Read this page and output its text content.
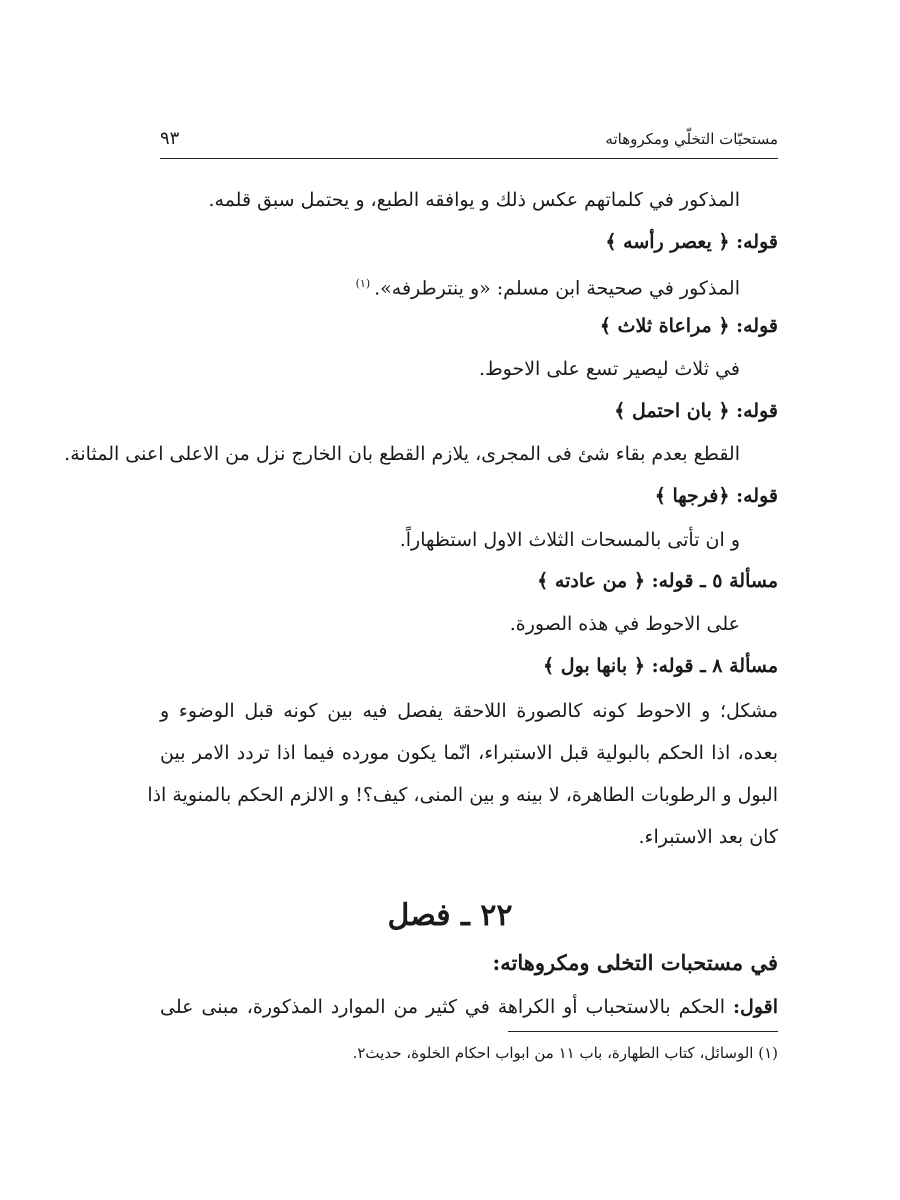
مستحبّات التخلّي ومكروهاته
٩٣
المذكور في كلماتهم عكس ذلك و يوافقه الطبع، و يحتمل سبق قلمه.
قوله: ﴿ يعصر رأسه ﴾
المذكور في صحيحة ابن مسلم: «و ينترطرفه».$^{(١)}$
قوله: ﴿ مراعاة ثلاث ﴾
في ثلاث ليصير تسع على الاحوط.
قوله: ﴿ بان احتمل ﴾
القطع بعدم بقاء شئ فى المجرى، يلازم القطع بان الخارج نزل من الاعلى اعنى المثانة.
قوله: ﴿فرجها ﴾
و ان تأتى بالمسحات الثلاث الاول استظهاراً.
مسألة ٥ ـ قوله: ﴿ من عادته ﴾
على الاحوط في هذه الصورة.
مسألة ٨ ـ قوله: ﴿ بانها بول ﴾
مشكل؛ و الاحوط كونه كالصورة اللاحقة يفصل فيه بين كونه قبل الوضوء و
بعده، اذا الحكم بالبولية قبل الاستبراء، انّما يكون مورده فيما اذا تردد الامر بين
البول و الرطوبات الطاهرة، لا بينه و بين المنى، كيف؟! و الالزم الحكم بالمنوية اذا
كان بعد الاستبراء.
٢٢ ـ فصل
في مستحبات التخلى ومكروهاته:
اقول: الحكم بالاستحباب أو الكراهة في كثير من الموارد المذكورة، مبنى على
(١) الوسائل، كتاب الطهارة، باب ١١ من ابواب احكام الخلوة، حديث٢.
